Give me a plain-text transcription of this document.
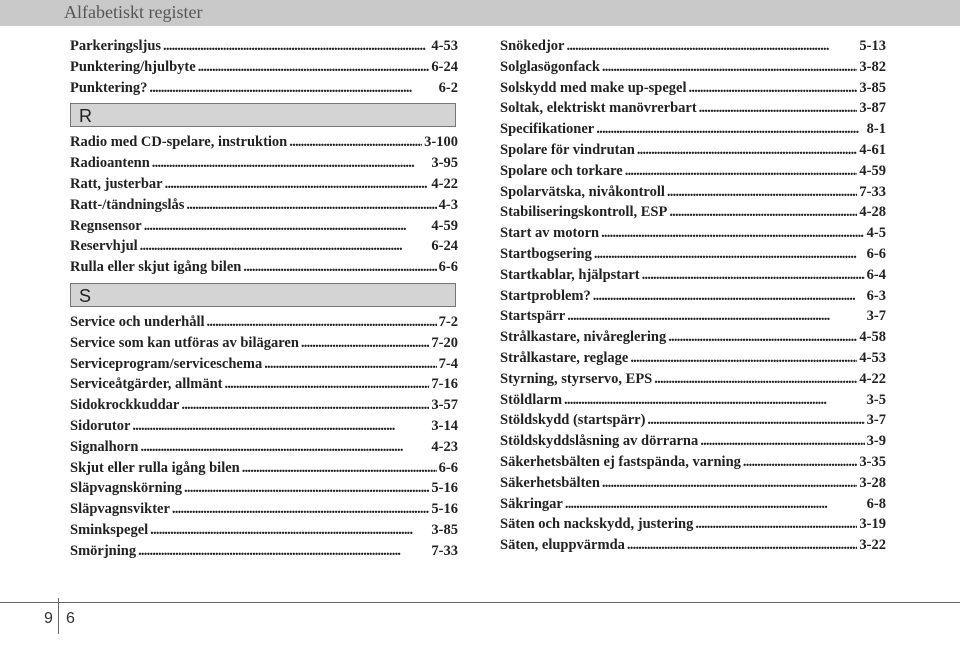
Alfabetiskt register
Parkeringsljus . . .	4-53
Punktering/hjulbyte . . .	6-24
Punktering? . . .	6-2
R
Radio med CD-spelare, instruktion . . .	3-100
Radioantenn . . .	3-95
Ratt, justerbar . . .	4-22
Ratt-/tändningslås . . .	4-3
Regnsensor . . .	4-59
Reservhjul . . .	6-24
Rulla eller skjut igång bilen . . .	6-6
S
Service och underhåll . . .	7-2
Service som kan utföras av bilägaren . . .	7-20
Serviceprogram/serviceschema . . .	7-4
Serviceåtgärder, allmänt . . .	7-16
Sidokrockkuddar . . .	3-57
Sidorutor . . .	3-14
Signalhorn . . .	4-23
Skjut eller rulla igång bilen . . .	6-6
Släpvagnskörning . . .	5-16
Släpvagnsvikter . . .	5-16
Sminkspegel . . .	3-85
Smörjning . . .	7-33
Snökedjor . . .	5-13
Solglasögonfack . . .	3-82
Solskydd med make up-spegel . . .	3-85
Soltak, elektriskt manövrerbart . . .	3-87
Specifikationer . . .	8-1
Spolare för vindrutan . . .	4-61
Spolare och torkare . . .	4-59
Spolarvätska, nivåkontroll . . .	7-33
Stabiliseringskontroll, ESP . . .	4-28
Start av motorn . . .	4-5
Startbogsering . . .	6-6
Startkablar, hjälpstart . . .	6-4
Startproblem? . . .	6-3
Startspärr . . .	3-7
Strålkastare, nivåreglering . . .	4-58
Strålkastare, reglage . . .	4-53
Styrning, styrservo, EPS . . .	4-22
Stöldlarm . . .	3-5
Stöldskydd (startspärr) . . .	3-7
Stöldskyddslåsning av dörrarna . . .	3-9
Säkerhetsbälten ej fastspända, varning . . .	3-35
Säkerhetsbälten . . .	3-28
Säkringar . . .	6-8
Säten och nackskydd, justering . . .	3-19
Säten, eluppvärmda . . .	3-22
9 6
